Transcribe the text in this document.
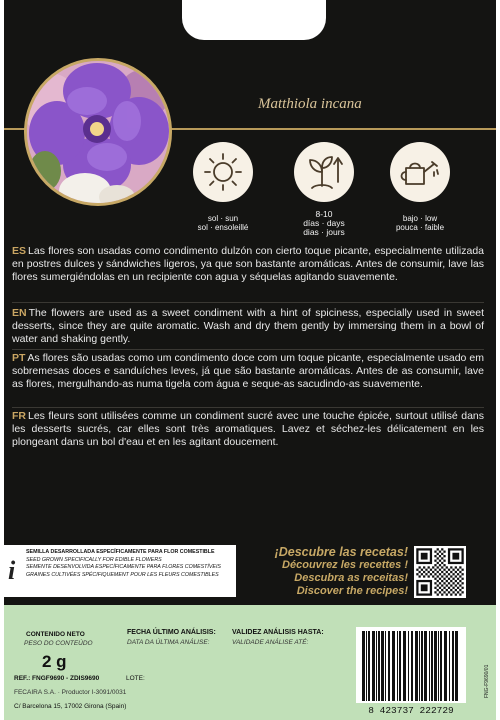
Matthiola incana
sol · sun
sol · ensoleillé
8-10
días · days
dias · jours
bajo · low
pouca · faible
ES Las flores son usadas como condimento dulzón con cierto toque picante, especialmente utilizada en postres dulces y sándwiches ligeros, ya que son bastante aromáticas. Antes de consumir, lave las flores sumergiéndolas en un recipiente con agua y séquelas agitando suavemente.
EN The flowers are used as a sweet condiment with a hint of spiciness, especially used in sweet desserts, since they are quite aromatic. Wash and dry them gently by immersing them in a bowl of water and shaking gently.
PT As flores são usadas como um condimento doce com um toque picante, especialmente usado em sobremesas doces e sanduíches leves, já que são bastante aromáticas. Antes de as consumir, lave as flores, mergulhando-as numa tigela com água e seque-as sacudindo-as suavemente.
FR Les fleurs sont utilisées comme un condiment sucré avec une touche épicée, surtout utilisé dans les desserts sucrés, car elles sont très aromatiques. Lavez et séchez-les délicatement en les plongeant dans un bol d'eau et en les agitant doucement.
i
SEMILLA DESARROLLADA ESPECÍFICAMENTE PARA FLOR COMESTIBLE
SEED GROWN SPECIFICALLY FOR EDIBLE FLOWERS
SEMENTE DESENVOLVIDA ESPECÍFICAMENTE PARA FLORES COMESTÍVEIS
GRAINES CULTIVÉES SPÉCIFIQUEMENT POUR LES FLEURS COMESTIBLES
¡Descubre las recetas!
Découvrez les recettes !
Descubra as receitas!
Discover the recipes!
CONTENIDO NETO
PESO DO CONTEÚDO
2 g
FECHA ÚLTIMO ANÁLISIS:
DATA DA ÚLTIMA ANÁLISE:
VALIDEZ ANÁLISIS HASTA:
VALIDADE ANÁLISE ATÉ:
REF.: FNGF9690 - ZDIS9690	LOTE:
FECAIRA S.A. · Productor I-3091/0031
C/ Barcelona 15, 17002 Girona (Spain)	8 423737 222729
FNG-F9690/01
